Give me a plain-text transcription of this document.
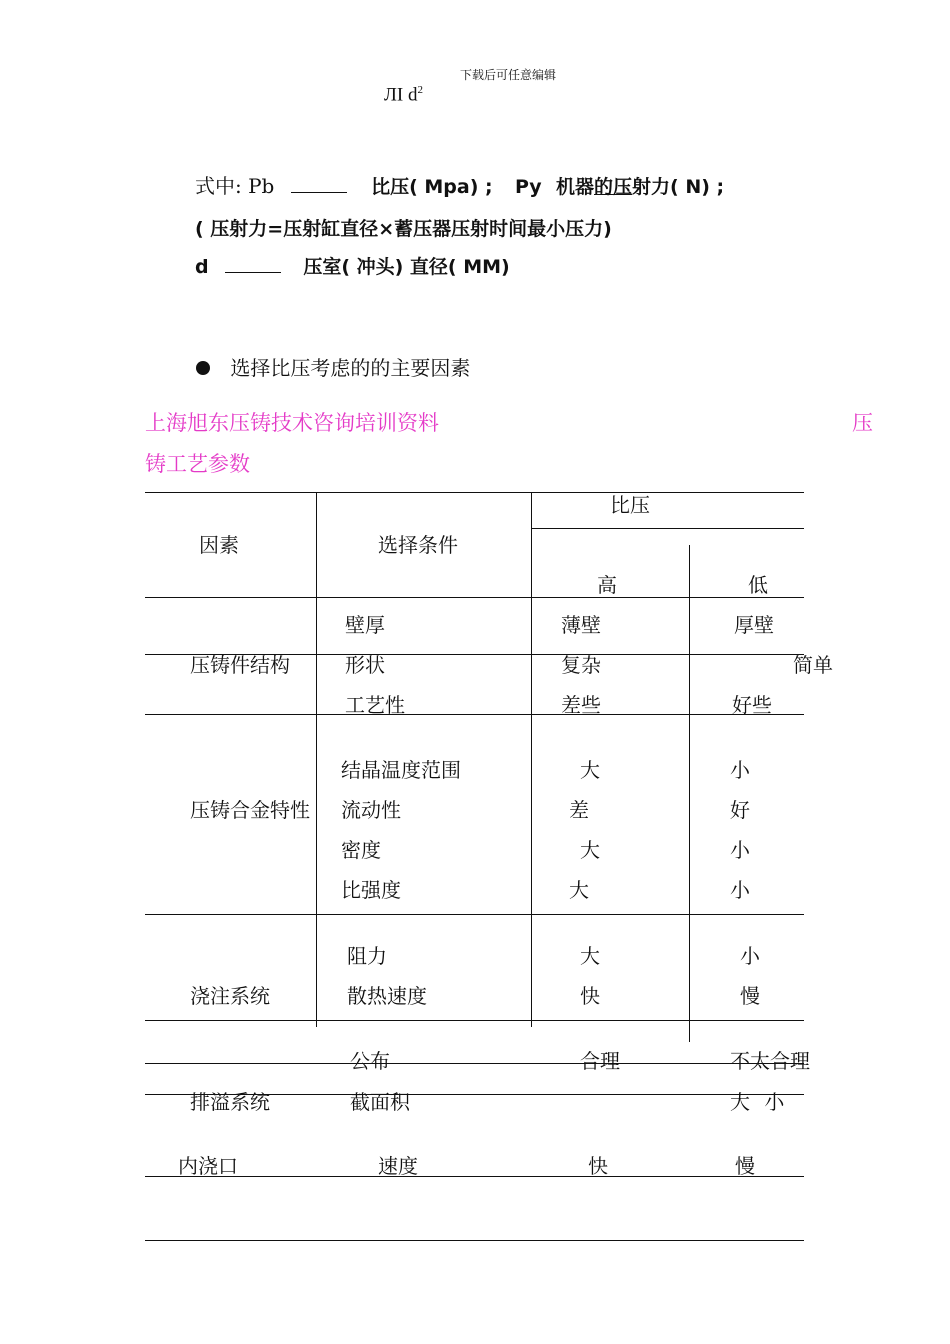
下载后可任意编辑
ЛI $d^2$
式中: Pb	比压( Mpa) ; Py 机器的压射力( N) ;
( 压射力=压射缸直径×蓄压器压射时间最小压力)
d	压室( 冲头) 直径( MM)
选择比压考虑的的主要因素
上海旭东压铸技术咨询培训资料	压
铸工艺参数
比压
因素	选择条件
高	低
压铸件结构
壁厚	薄壁	厚壁
形状	复杂	简单
工艺性	差些	好些
压铸合金特性
结晶温度范围	大	小
流动性	差	好
密度	大	小
比强度	大	小
浇注系统
阻力	大	小
散热速度	快	慢
排溢系统
公布	合理	不太合理
截面积	大 小
内浇口	速度	快	慢
